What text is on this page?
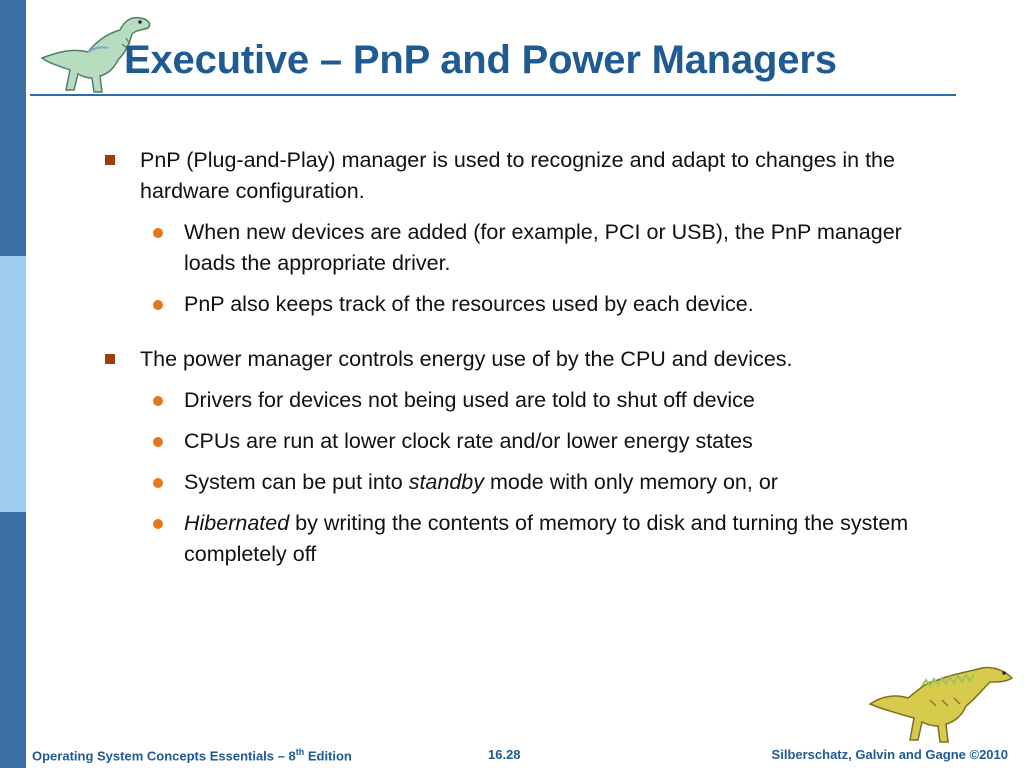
Executive – PnP and Power Managers
PnP (Plug-and-Play) manager is used to recognize and adapt to changes in the hardware configuration.
When new devices are added (for example, PCI or USB), the PnP manager loads the appropriate driver.
PnP also keeps track of the resources used by each device.
The power manager controls energy use of by the CPU and devices.
Drivers for devices not being used are told to shut off device
CPUs are run at lower clock rate and/or lower energy states
System can be put into standby mode with only memory on, or
Hibernated by writing the contents of memory to disk and turning the system completely off
Operating System Concepts Essentials – 8th Edition	16.28	Silberschatz, Galvin and Gagne ©2010
